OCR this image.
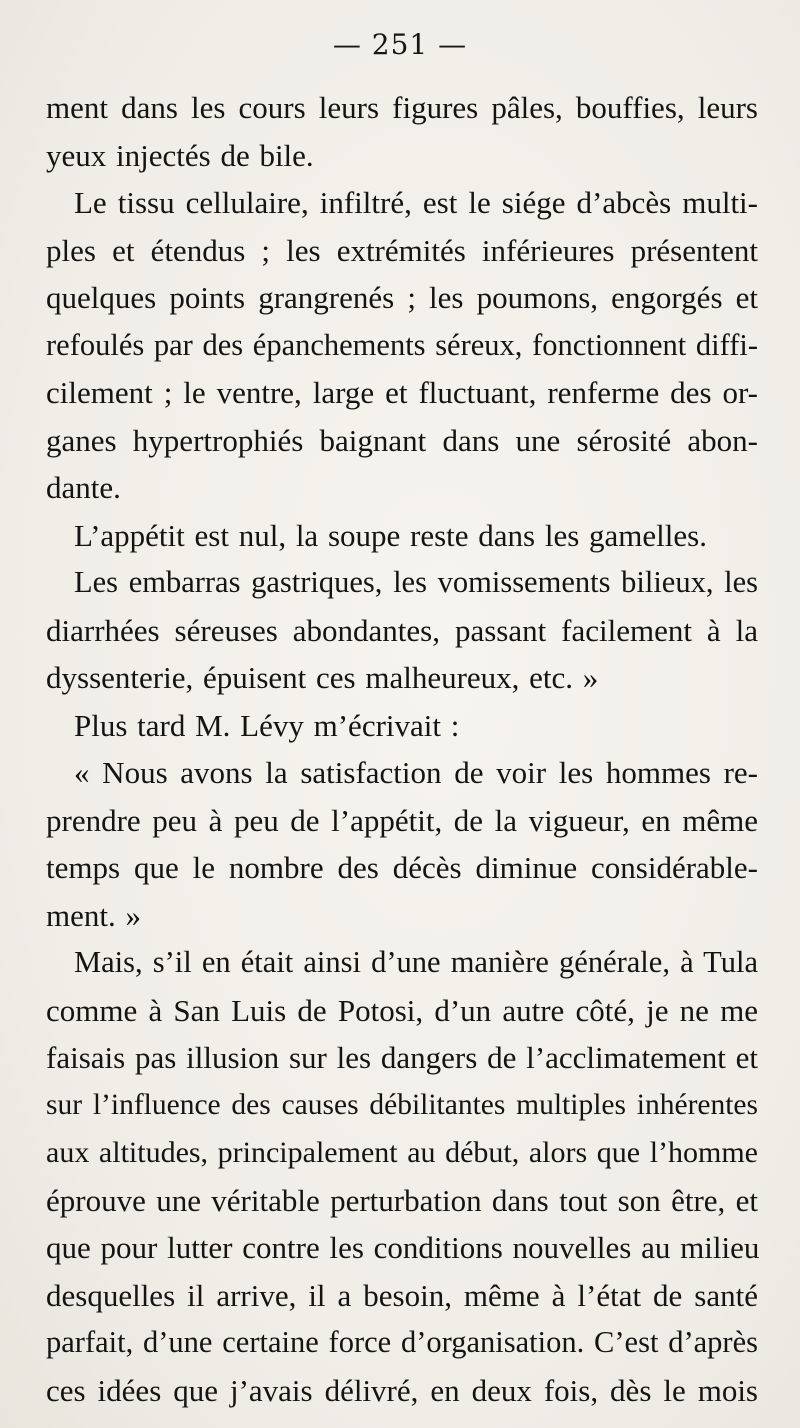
— 251 —
ment dans les cours leurs figures pâles, bouffies, leurs
yeux injectés de bile.
Le tissu cellulaire, infiltré, est le siége d’abcès multi-
ples et étendus ; les extrémités inférieures présentent
quelques points grangrenés ; les poumons, engorgés et
refoulés par des épanchements séreux, fonctionnent diffi-
cilement ; le ventre, large et fluctuant, renferme des or-
ganes hypertrophiés baignant dans une sérosité abon-
dante.
L’appétit est nul, la soupe reste dans les gamelles.
Les embarras gastriques, les vomissements bilieux, les
diarrhées séreuses abondantes, passant facilement à la
dyssenterie, épuisent ces malheureux, etc. »
Plus tard M. Lévy m’écrivait :
« Nous avons la satisfaction de voir les hommes re-
prendre peu à peu de l’appétit, de la vigueur, en même
temps que le nombre des décès diminue considérable-
ment. »
Mais, s’il en était ainsi d’une manière générale, à Tula
comme à San Luis de Potosi, d’un autre côté, je ne me
faisais pas illusion sur les dangers de l’acclimatement et
sur l’influence des causes débilitantes multiples inhérentes
aux altitudes, principalement au début, alors que l’homme
éprouve une véritable perturbation dans tout son être, et
que pour lutter contre les conditions nouvelles au milieu
desquelles il arrive, il a besoin, même à l’état de santé
parfait, d’une certaine force d’organisation. C’est d’après
ces idées que j’avais délivré, en deux fois, dès le mois
